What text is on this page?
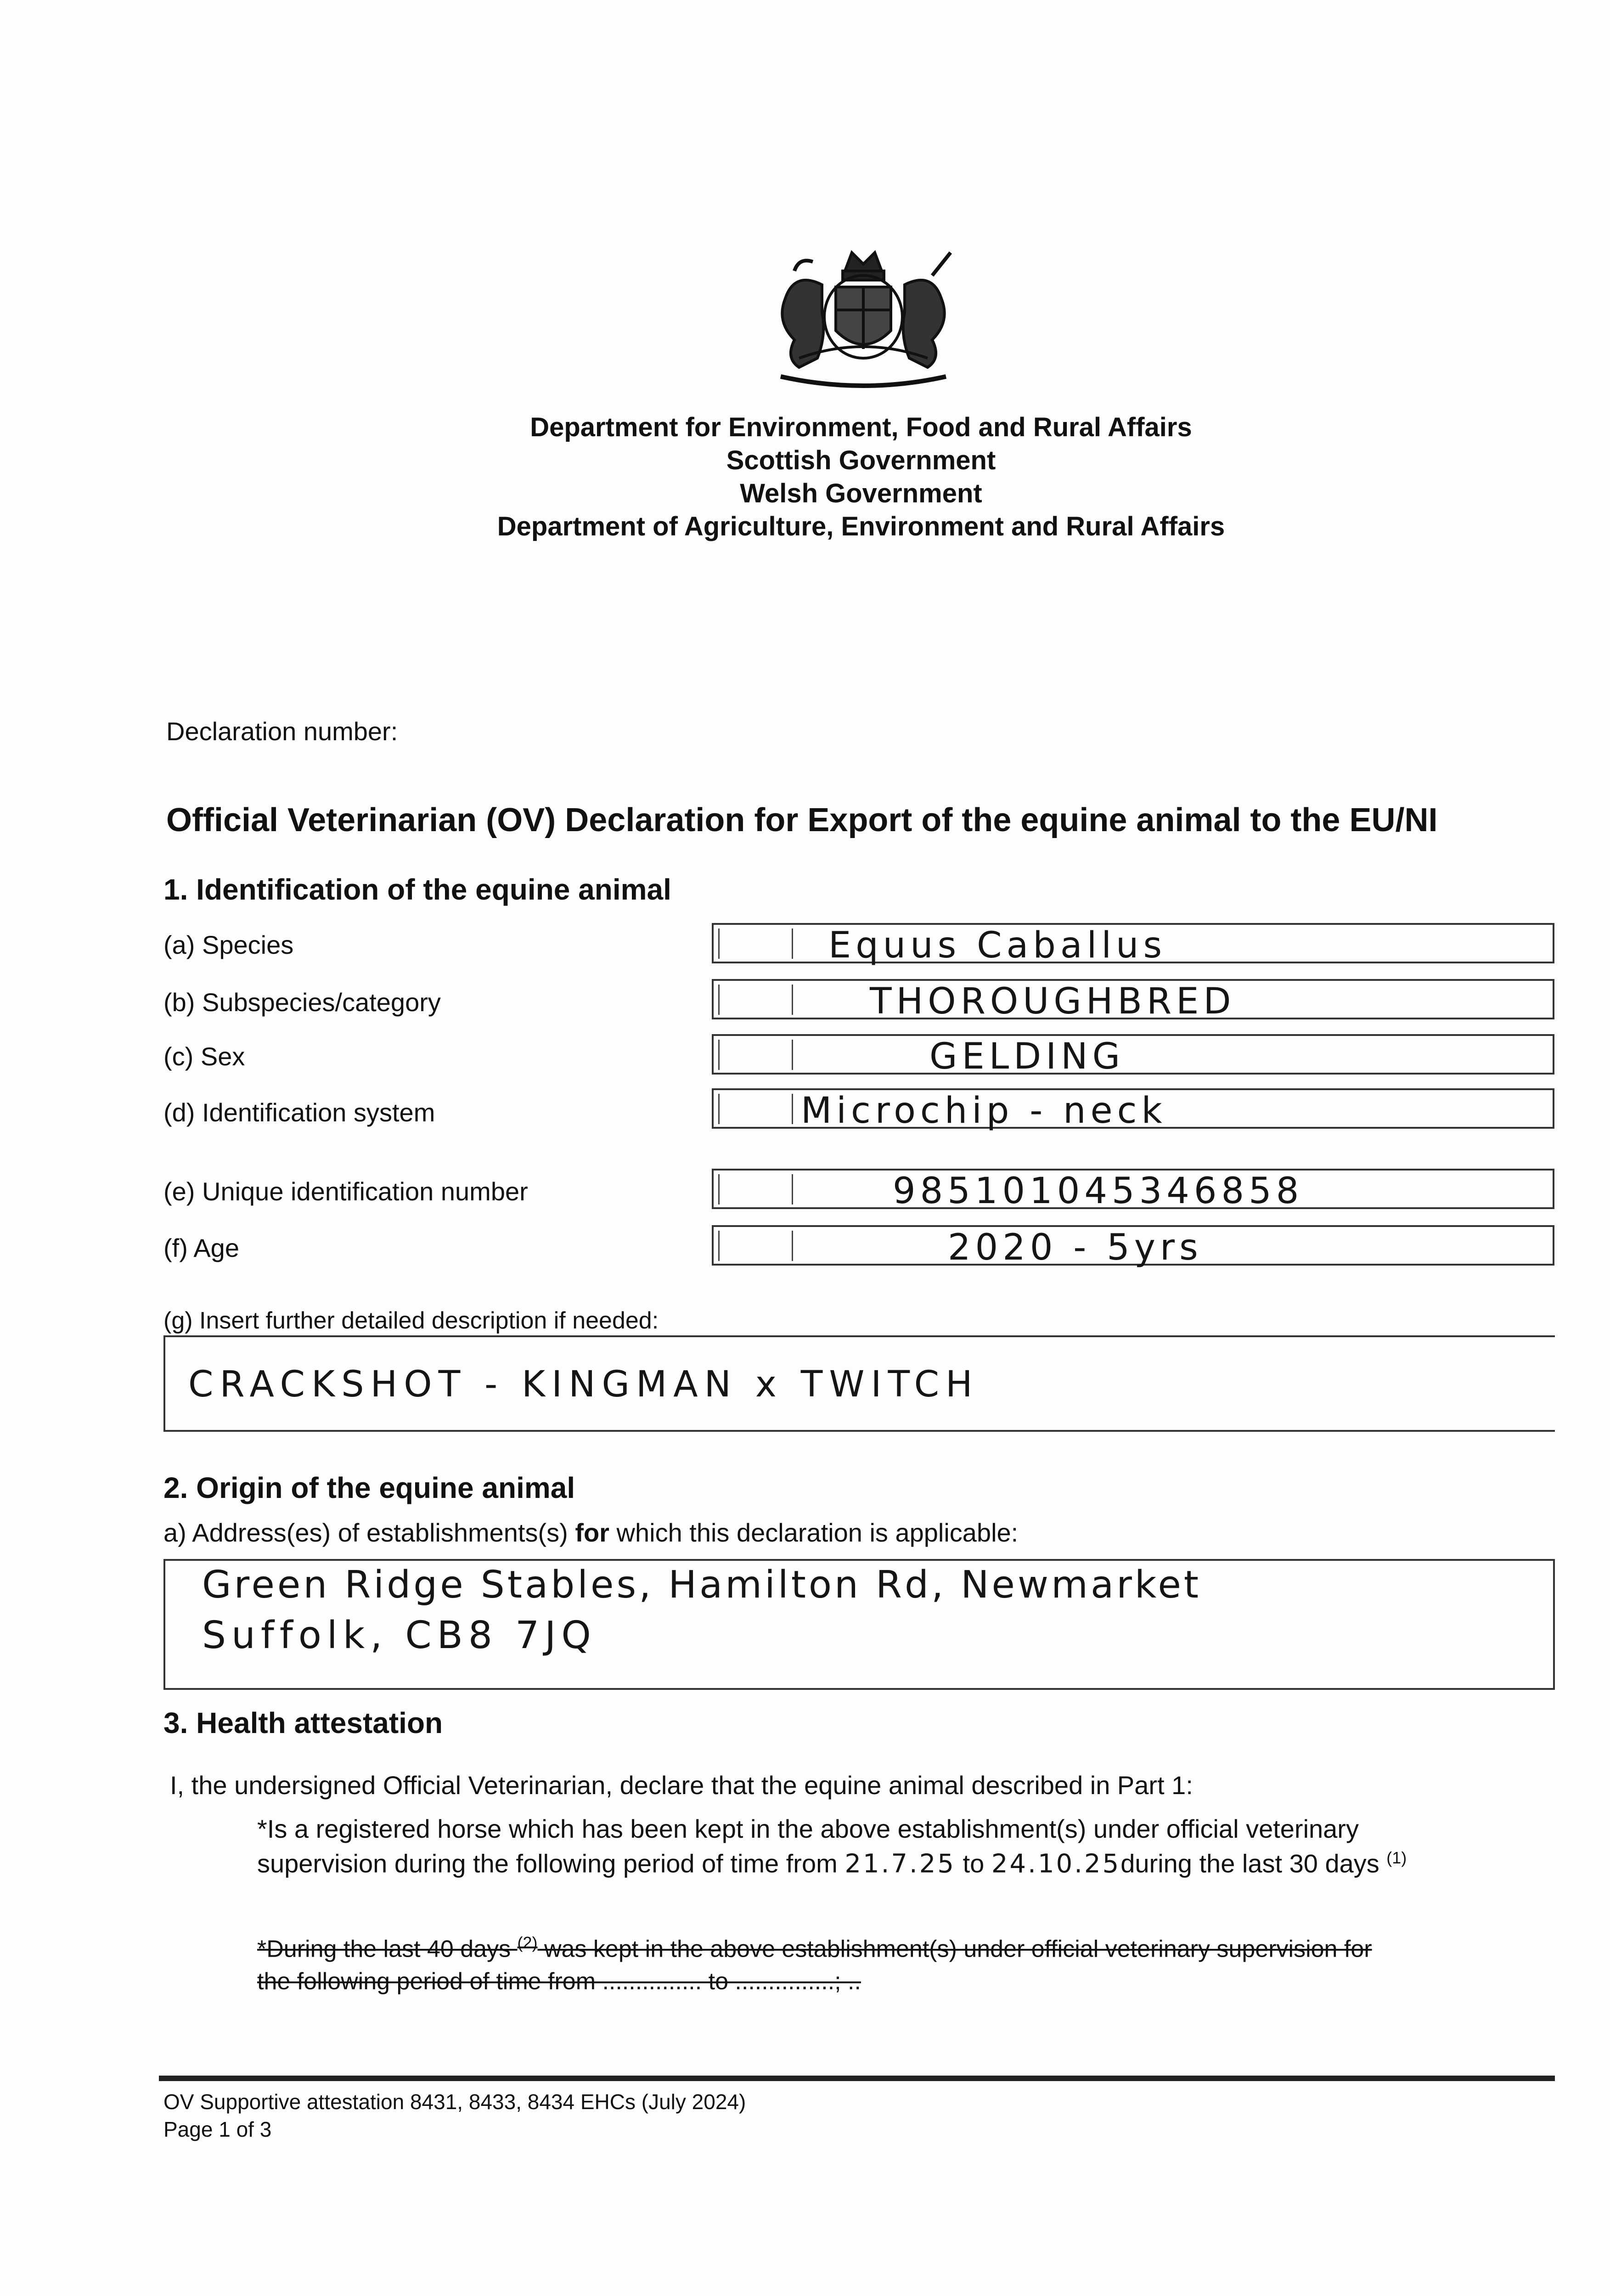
Department for Environment, Food and Rural Affairs
Scottish Government
Welsh Government
Department of Agriculture, Environment and Rural Affairs
Declaration number:
Official Veterinarian (OV) Declaration for Export of the equine animal to the EU/NI
1. Identification of the equine animal
(a) Species	Equus Caballus
(b) Subspecies/category	THOROUGHBRED
(c) Sex	GELDING
(d) Identification system	Microchip - neck
(e) Unique identification number	985101045346858
(f) Age	2020 - 5yrs
(g) Insert further detailed description if needed:
CRACKSHOT - KINGMAN x TWITCH
2. Origin of the equine animal
a) Address(es) of establishments(s) for which this declaration is applicable:
Green Ridge Stables, Hamilton Rd, Newmarket
Suffolk, CB8 7JQ
3. Health attestation
I, the undersigned Official Veterinarian, declare that the equine animal described in Part 1:
*Is a registered horse which has been kept in the above establishment(s) under official veterinary
supervision during the following period of time from 21.7.25 to 24.10.25during the last 30 days $^{(1)}$
*During the last 40 days $^{(2)}$ was kept in the above establishment(s) under official veterinary supervision for
the following period of time from ............... to ...............; ..
OV Supportive attestation 8431, 8433, 8434 EHCs (July 2024)
Page 1 of 3
